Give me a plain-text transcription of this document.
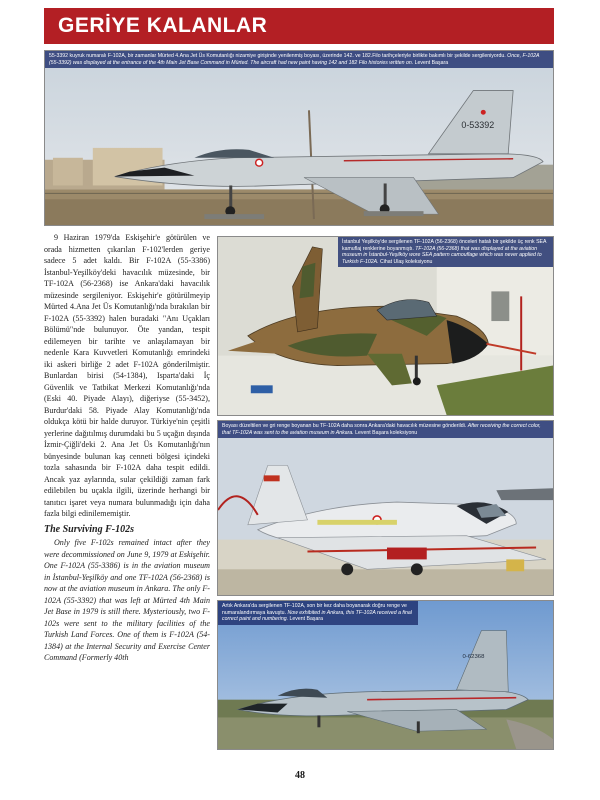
GERİYE KALANLAR
0-53392
55-3392 kuyruk numaralı F-102A, bir zamanlar Mürted 4.Ana Jet Üs Komutanlığı nizamiye girişinde yenilenmiş boyası, üzerinde 142. ve 182.Filo tarihçeleriyle birlikte bakımlı bir şekilde sergileniyordu. Once, F-102A (55-3392) was displayed at the entrance of the 4th Main Jet Base Command in Mürted. The aircraft had new paint having 142 and 182 Filo histories written on. Levent Başara

9 Haziran 1979'da Eskişehir'e götürülen ve orada hizmetten çıkarılan F-102'lerden geriye sadece 5 adet kaldı. Bir F-102A (55-3386) İstanbul-Yeşilköy'deki havacılık müzesinde, bir TF-102A (56-2368) ise Ankara'daki havacılık müzesinde sergileniyor. Eskişehir'e götürülmeyip Mürted 4.Ana Jet Üs Komutanlığı'nda bırakılan bir F-102A (55-3392) halen buradaki "Anı Uçakları Bölümü"nde bulunuyor. Öte yandan, tespit edilemeyen bir tarihte ve anlaşılamayan bir nedenle Kara Kuvvetleri Komutanlığı emrindeki iki askeri birliğe 2 adet F-102A gönderilmiştir. Bunlardan birisi (54-1384), Isparta'daki İç Güvenlik ve Tatbikat Merkezi Komutanlığı'nda (Eski 40. Piyade Alayı), diğeriyse (55-3452), Burdur'daki 58. Piyade Alay Komutanlığı'nda oldukça kötü bir halde duruyor. Türkiye'nin çeşitli yerlerine dağıtılmış durumdaki bu 5 uçağın dışında İzmir-Çiğli'deki 2. Ana Jet Üs Komutanlığı'nın bünyesinde bulunan kaş cenneti bölgesi içindeki tozla sahasında bir F-102A daha tespit edildi. Ancak yaz aylarında, sular çekildiği zaman fark edilebilen bu uçakla ilgili, üzerinde herhangi bir tanıtıcı işaret veya numara bulunmadığı için daha fazla bilgi edinilememiştir.

The Surviving F-102s

Only five F-102s remained intact after they were decommissioned on June 9, 1979 at Eskişehir. One F-102A (55-3386) is in the aviation museum in İstanbul-Yeşilköy and one TF-102A (56-2368) is now at the aviation museum in Ankara. The only F-102A (55-3392) that was left at Mürted 4th Main Jet Base in 1979 is still there. Mysteriously, two F-102s were sent to the military facilities of the Turkish Land Forces. One of them is F-102A (54-1384) at the Internal Security and Exercise Center Command (Formerly 40th

İstanbul Yeşilköy'de sergilenen TF-102A (56-2368) önceleri hatalı bir şekilde üç renk SEA kamuflaj renklerine boyanmıştı. TF-102A (56-2368) that was displayed at the aviation museum in İstanbul-Yeşilköy wore SEA pattern camouflage which was never applied to Turkish F-102A. Cihat Ulaş koleksiyonu
Boyası düzeltilen ve gri renge boyanan bu TF-102A daha sonra Ankara'daki havacılık müzesine gönderildi. After receiving the correct color, that TF-102A was sent to the aviation museum in Ankara. Levent Başara koleksiyonu
0-62368
Artık Ankara'da sergilenen TF-102A, son bir kez daha boyanarak doğru renge ve numaralandırmaya kavuştu. Now exhibited in Ankara, this TF-102A received a final correct paint and numbering. Levent Başara
48
